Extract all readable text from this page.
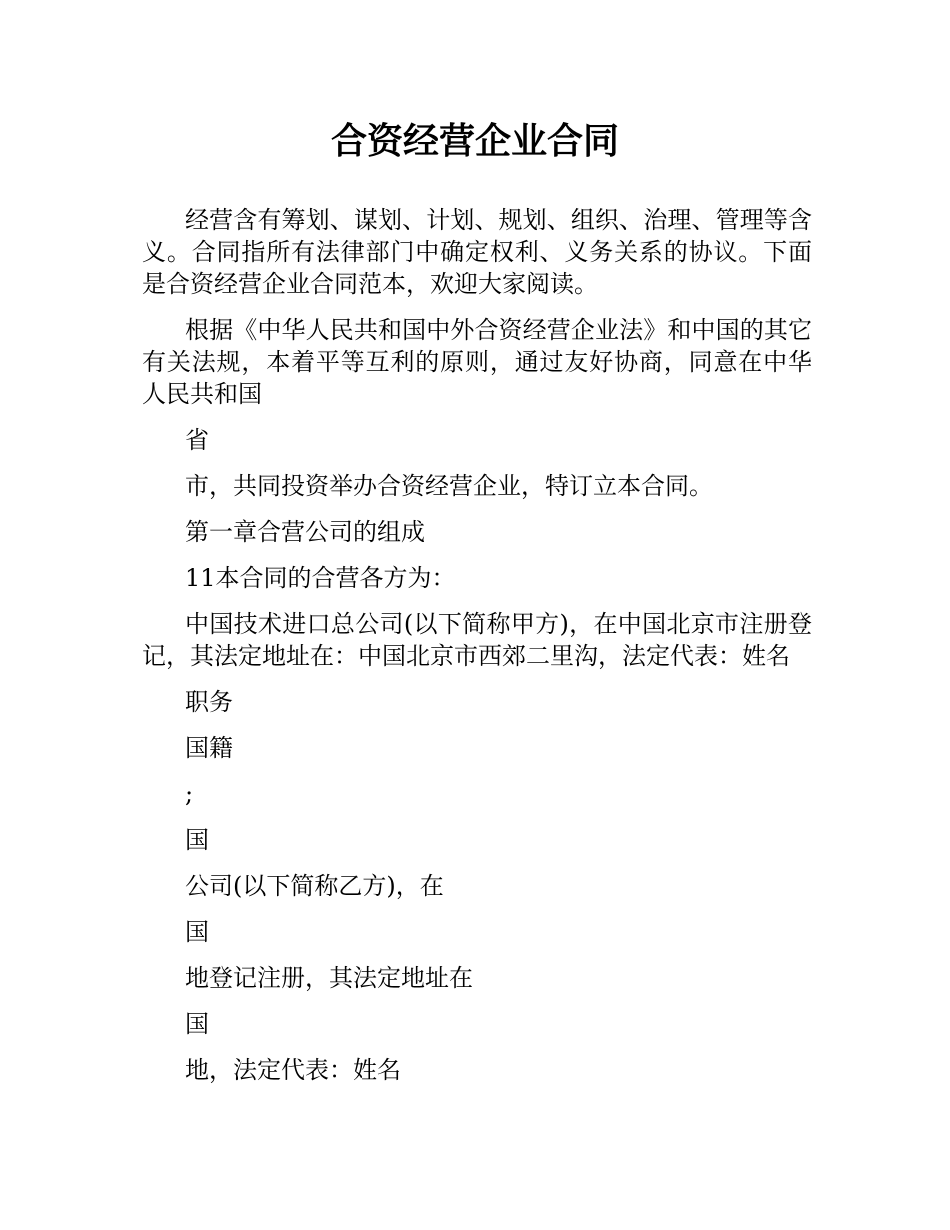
合资经营企业合同

经营含有筹划、谋划、计划、规划、组织、治理、管理等含义。合同指所有法律部门中确定权利、义务关系的协议。下面是合资经营企业合同范本，欢迎大家阅读。

根据《中华人民共和国中外合资经营企业法》和中国的其它有关法规，本着平等互利的原则，通过友好协商，同意在中华人民共和国

省

市，共同投资举办合资经营企业，特订立本合同。

第一章合营公司的组成

11本合同的合营各方为：

中国技术进口总公司(以下简称甲方)，在中国北京市注册登记，其法定地址在：中国北京市西郊二里沟，法定代表：姓名

职务

国籍

;

国

公司(以下简称乙方)，在

国

地登记注册，其法定地址在

国

地，法定代表：姓名
